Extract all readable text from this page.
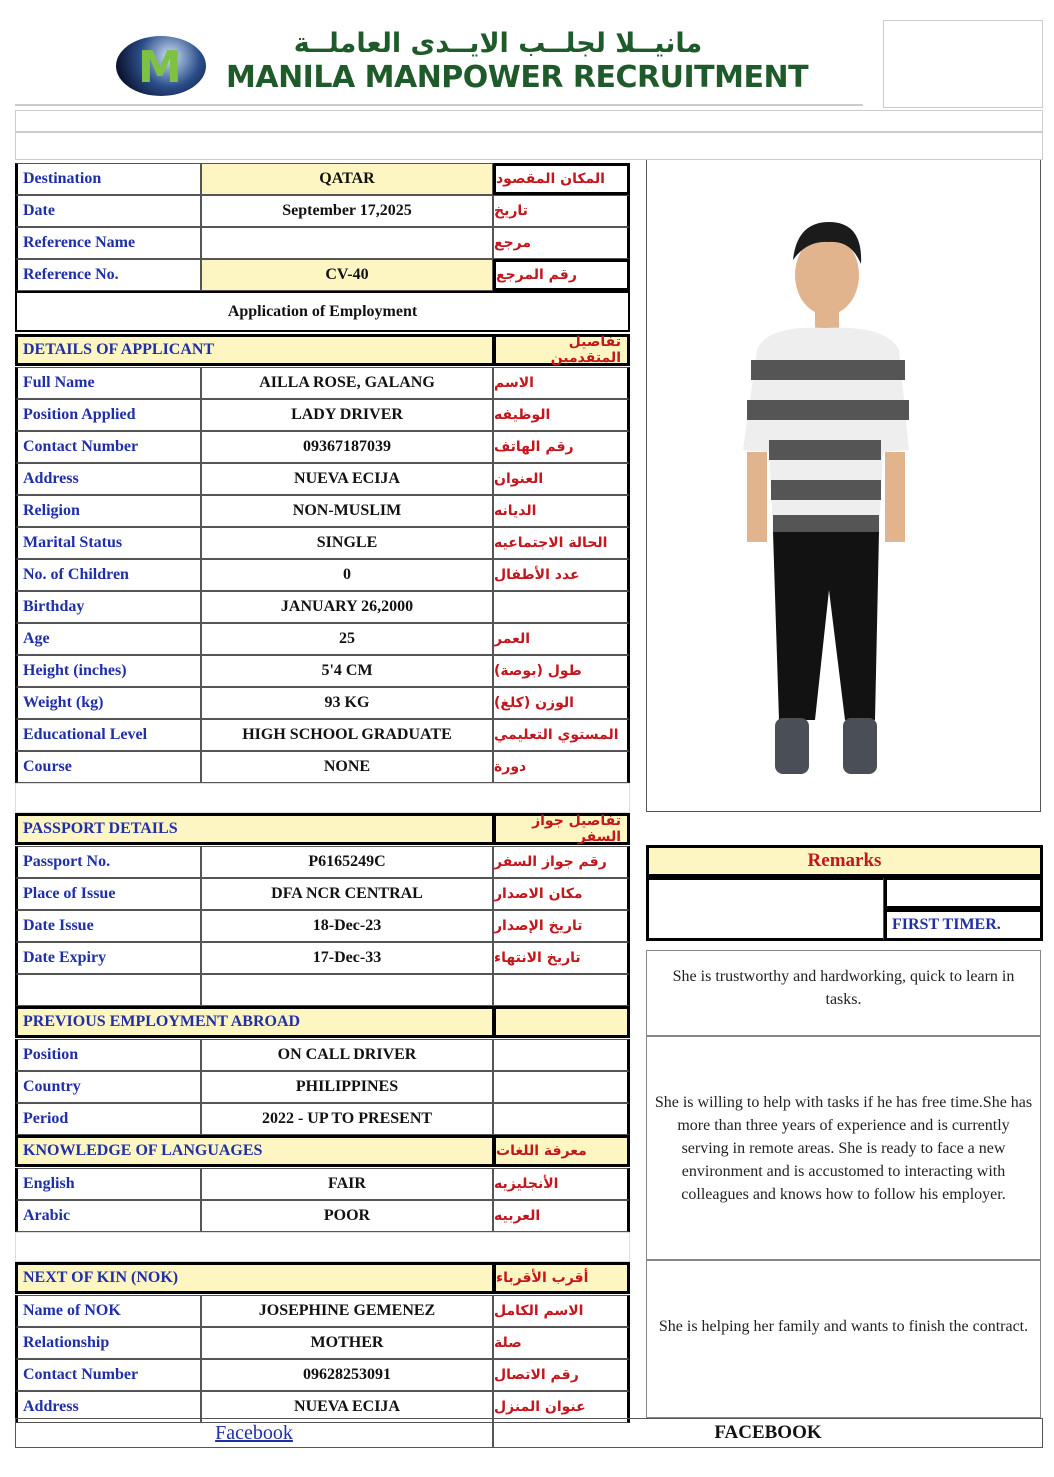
M	مانيــلا لجلــب الايــدى العاملــة
MANILA MANPOWER RECRUITMENT
Destination	QATAR	المكان المقصود
Date	September 17,2025	تاريخ
Reference Name	مرجع
Reference No.	CV-40	رقم المرجع
Application of Employment
DETAILS OF APPLICANT	تفاصيل المتقدمين
Full Name	AILLA ROSE, GALANG	الاسم
Position Applied	LADY DRIVER	الوظيفه
Contact Number	09367187039	رقم الهاتف
Address	NUEVA ECIJA	العنوان
Religion	NON-MUSLIM	الديانه
Marital Status	SINGLE	الحالة الاجتماعيه
No. of Children	0	عدد الأطفال
Birthday	JANUARY 26,2000
Age	25	العمر
Height (inches)	5'4 CM	طول (بوصة)
Weight (kg)	93 KG	الوزن (كلغ)
Educational Level	HIGH SCHOOL GRADUATE	المستوي التعليمي
Course	NONE	دورة
PASSPORT DETAILS	تفاصيل جواز السفر
Passport No.	P6165249C	رقم جواز السفر
Place of Issue	DFA NCR CENTRAL	مكان الاصدار
Date Issue	18-Dec-23	تاريخ الإصدار
Date Expiry	17-Dec-33	تاريخ الانتهاء
PREVIOUS EMPLOYMENT ABROAD
Position	ON CALL DRIVER
Country	PHILIPPINES
Period	2022 - UP TO PRESENT
KNOWLEDGE OF LANGUAGES	معرفة اللغات
English	FAIR	الأنجليزيه
Arabic	POOR	العربيه
NEXT OF KIN (NOK)	أقرب الأقرباء
Name of NOK	JOSEPHINE GEMENEZ	الاسم الكامل
Relationship	MOTHER	صلة
Contact Number	09628253091	رقم الاتصال
Address	NUEVA ECIJA	عنوان المنزل
Remarks
FIRST TIMER.
She is trustworthy and hardworking, quick to learn in tasks.
She is willing to help with tasks if he has free time.She has more than three years of experience and is currently serving in remote areas. She is ready to face a new environment and is accustomed to interacting with colleagues and knows how to follow his employer.
She is helping her family and wants to finish the contract.
Facebook	FACEBOOK
